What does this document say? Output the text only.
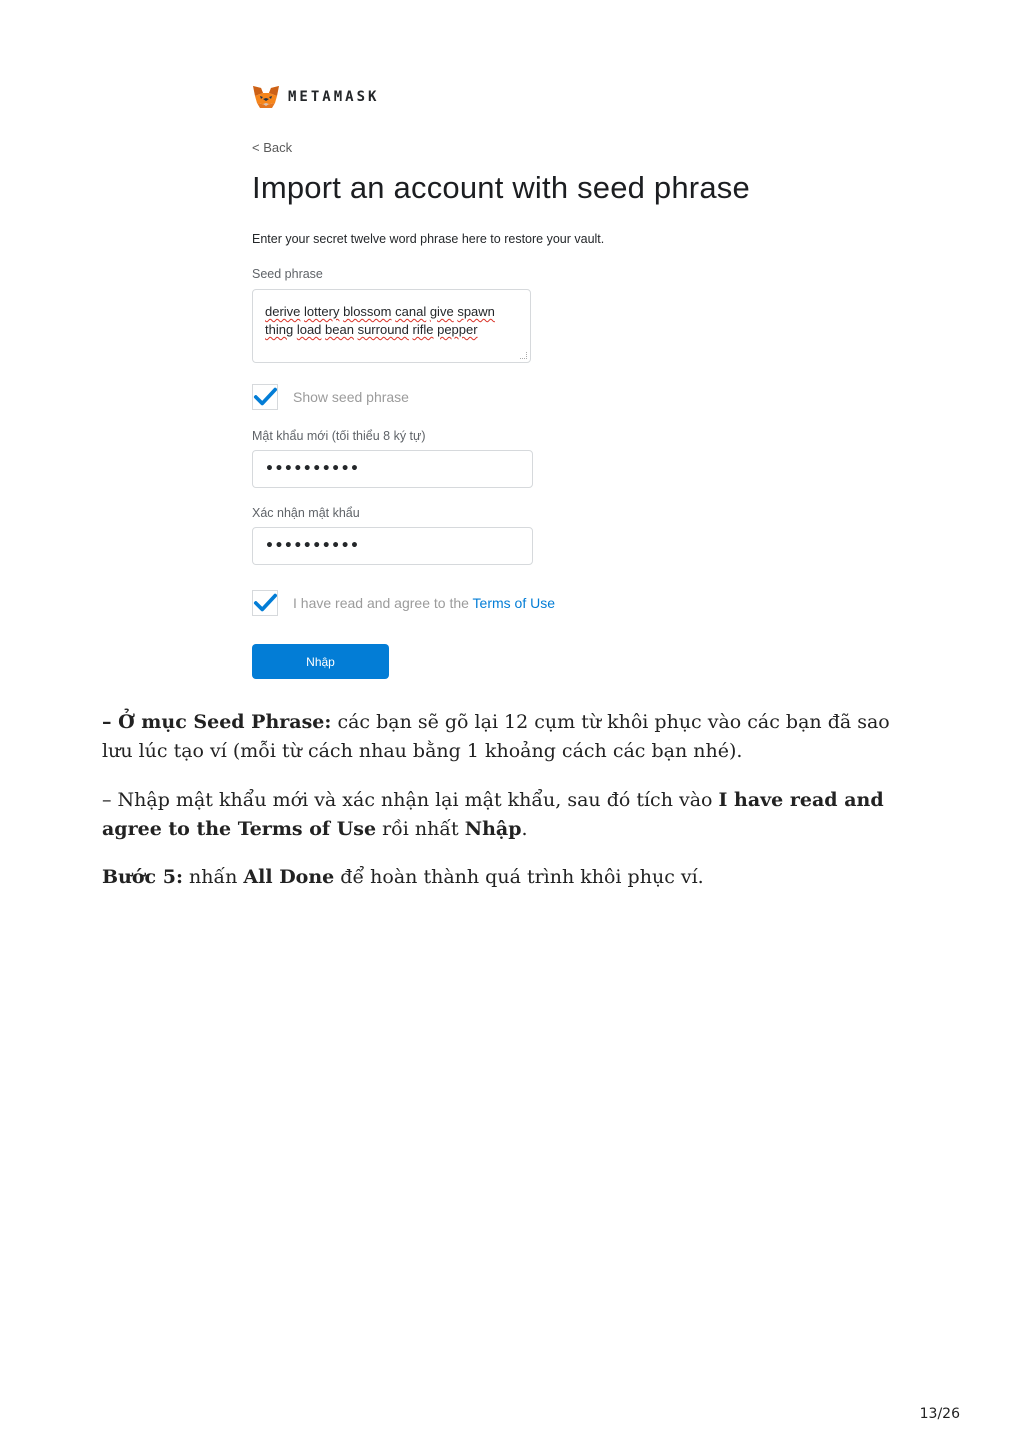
METAMASK
< Back
Import an account with seed phrase
Enter your secret twelve word phrase here to restore your vault.
Seed phrase
derive lottery blossom canal give spawn
thing load bean surround rifle pepper
Show seed phrase
Mật khẩu mới (tối thiểu 8 ký tự)
••••••••••
Xác nhận mật khẩu
••••••••••
I have read and agree to the Terms of Use
Nhập

– Ở mục Seed Phrase: các bạn sẽ gõ lại 12 cụm từ khôi phục vào các bạn đã sao lưu lúc tạo ví (mỗi từ cách nhau bằng 1 khoảng cách các bạn nhé).

– Nhập mật khẩu mới và xác nhận lại mật khẩu, sau đó tích vào I have read and agree to the Terms of Use rồi nhất Nhập.

Bước 5: nhấn All Done để hoàn thành quá trình khôi phục ví.

13/26
